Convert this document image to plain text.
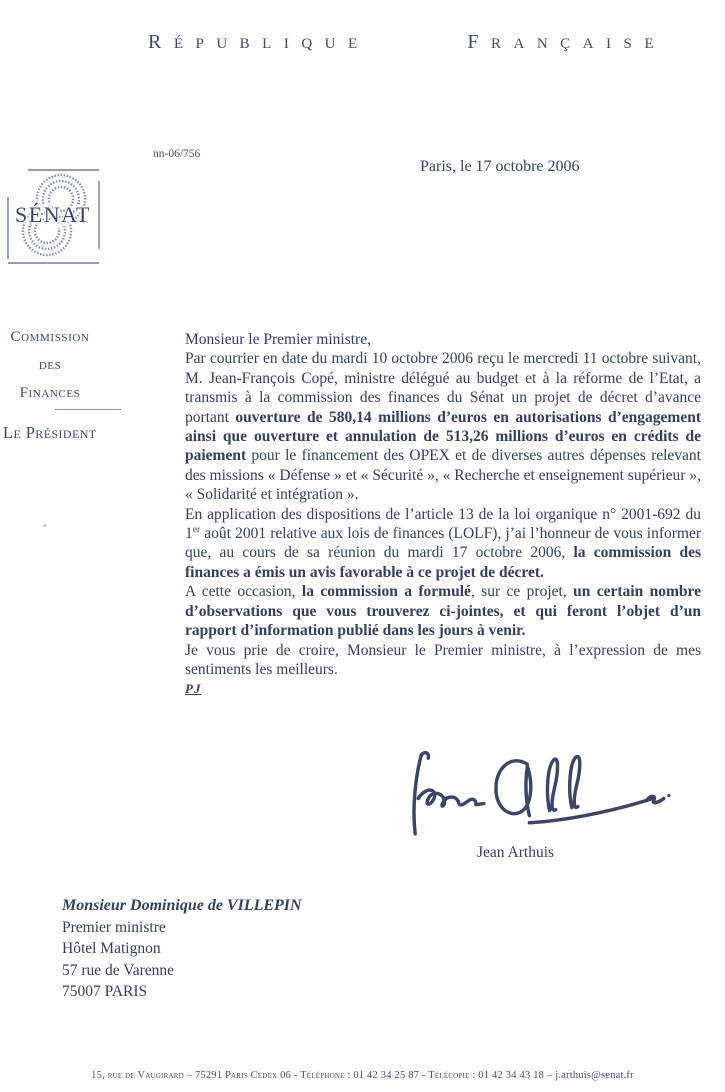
RÉPUBLIQUE	FRANÇAISE
nn-06/756
Paris, le 17 octobre 2006
SÉNAT
Commission
des
Finances
Le Président

Monsieur le Premier ministre,

Par courrier en date du mardi 10 octobre 2006 reçu le mercredi 11 octobre suivant, M. Jean-François Copé, ministre délégué au budget et à la réforme de l’Etat, a transmis à la commission des finances du Sénat un projet de décret d’avance portant ouverture de 580,14 millions d’euros en autorisations d’engagement ainsi que ouverture et annulation de 513,26 millions d’euros en crédits de paiement pour le financement des OPEX et de diverses autres dépenses relevant des missions « Défense » et « Sécurité », « Recherche et enseignement supérieur », « Solidarité et intégration ».

En application des dispositions de l’article 13 de la loi organique n° 2001-692 du 1er août 2001 relative aux lois de finances (LOLF), j’ai l’honneur de vous informer que, au cours de sa réunion du mardi 17 octobre 2006, la commission des finances a émis un avis favorable à ce projet de décret.

A cette occasion, la commission a formulé, sur ce projet, un certain nombre d’observations que vous trouverez ci-jointes, et qui feront l’objet d’un rapport d’information publié dans les jours à venir.

Je vous prie de croire, Monsieur le Premier ministre, à l’expression de mes sentiments les meilleurs.

PJ

Jean Arthuis
Monsieur Dominique de VILLEPIN
Premier ministre
Hôtel Matignon
57 rue de Varenne
75007 PARIS
15, rue de Vaugirard – 75291 Paris Cedex 06 - Téléphone : 01 42 34 25 87 - Télécopie : 01 42 34 43 18 – j.arthuis@senat.fr
